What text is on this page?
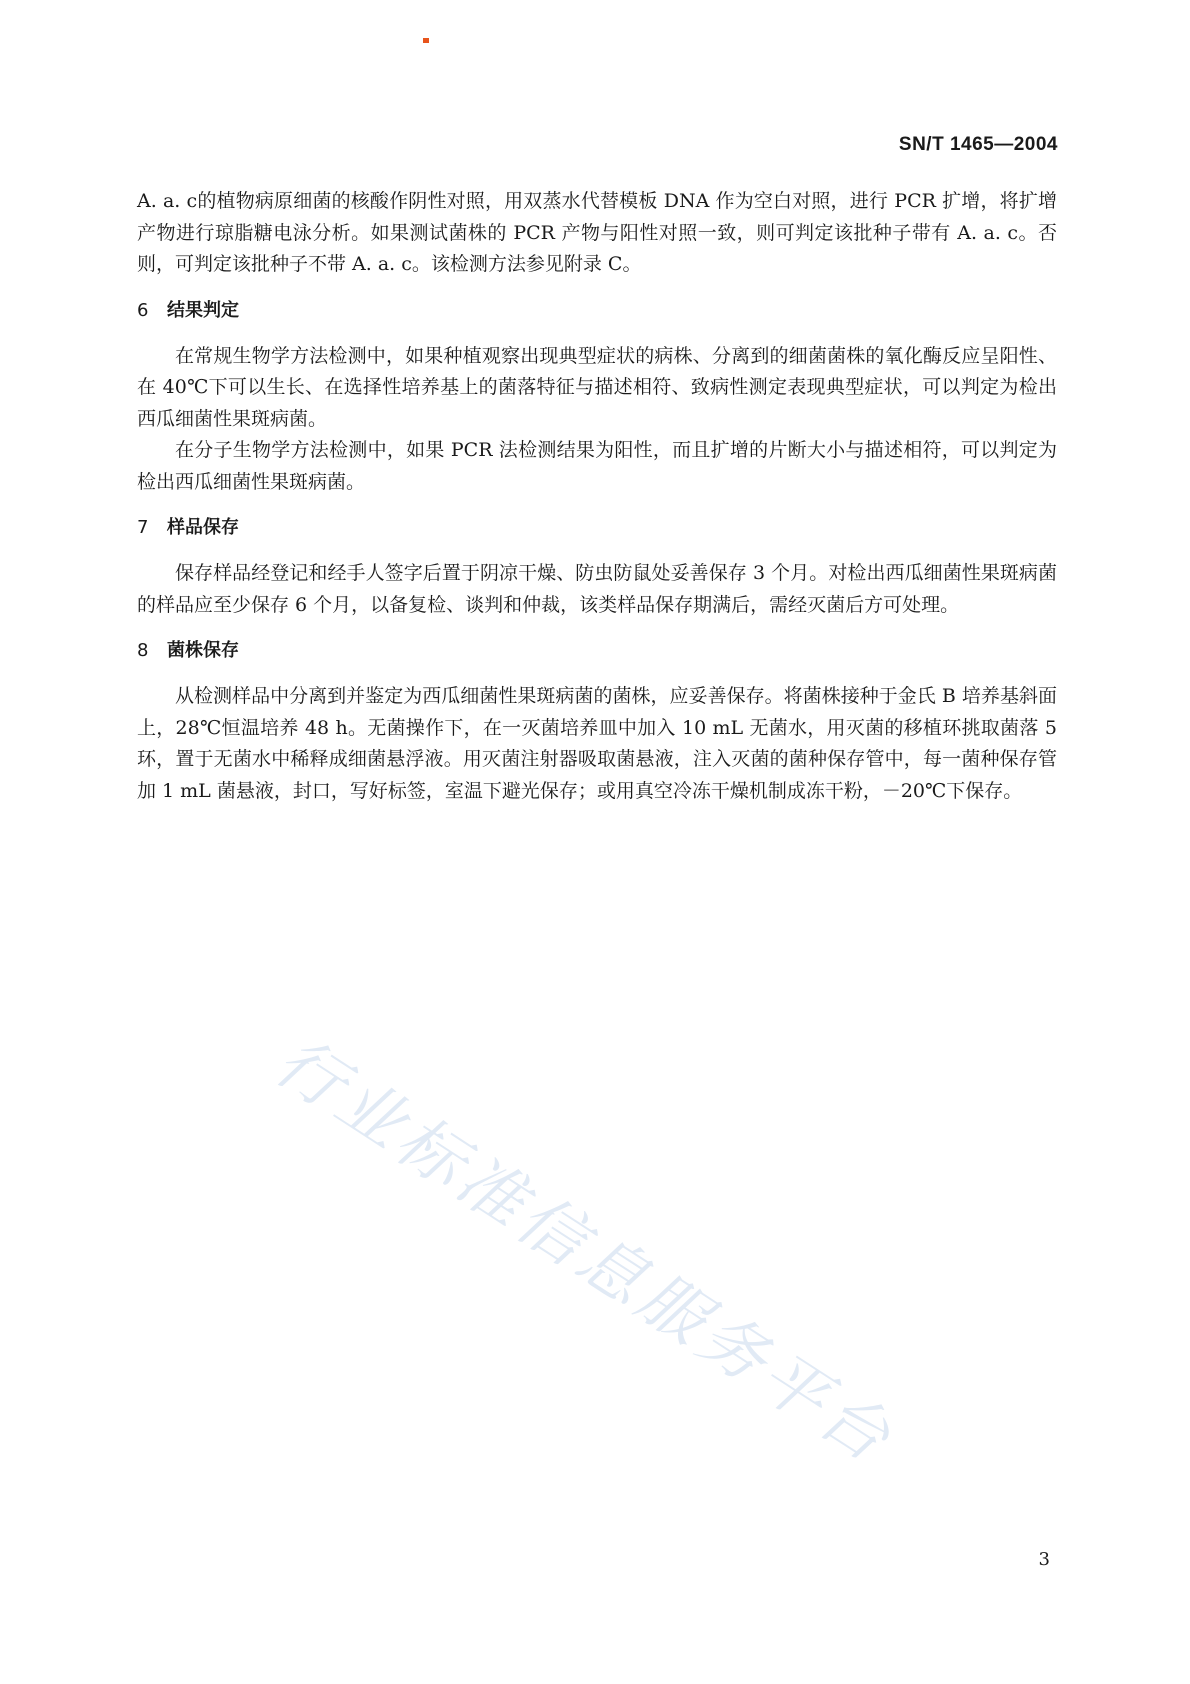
SN/T 1465—2004

A. a. c的植物病原细菌的核酸作阴性对照，用双蒸水代替模板 DNA 作为空白对照，进行 PCR 扩增，将扩增产物进行琼脂糖电泳分析。如果测试菌株的 PCR 产物与阳性对照一致，则可判定该批种子带有 A. a. c。否则，可判定该批种子不带 A. a. c。该检测方法参见附录 C。

6 结果判定

在常规生物学方法检测中，如果种植观察出现典型症状的病株、分离到的细菌菌株的氧化酶反应呈阳性、在 40℃下可以生长、在选择性培养基上的菌落特征与描述相符、致病性测定表现典型症状，可以判定为检出西瓜细菌性果斑病菌。

在分子生物学方法检测中，如果 PCR 法检测结果为阳性，而且扩增的片断大小与描述相符，可以判定为检出西瓜细菌性果斑病菌。

7 样品保存

保存样品经登记和经手人签字后置于阴凉干燥、防虫防鼠处妥善保存 3 个月。对检出西瓜细菌性果斑病菌的样品应至少保存 6 个月，以备复检、谈判和仲裁，该类样品保存期满后，需经灭菌后方可处理。

8 菌株保存

从检测样品中分离到并鉴定为西瓜细菌性果斑病菌的菌株，应妥善保存。将菌株接种于金氏 B 培养基斜面上，28℃恒温培养 48 h。无菌操作下，在一灭菌培养皿中加入 10 mL 无菌水，用灭菌的移植环挑取菌落 5 环，置于无菌水中稀释成细菌悬浮液。用灭菌注射器吸取菌悬液，注入灭菌的菌种保存管中，每一菌种保存管加 1 mL 菌悬液，封口，写好标签，室温下避光保存；或用真空冷冻干燥机制成冻干粉，－20℃下保存。

行业标准信息服务平台
3
